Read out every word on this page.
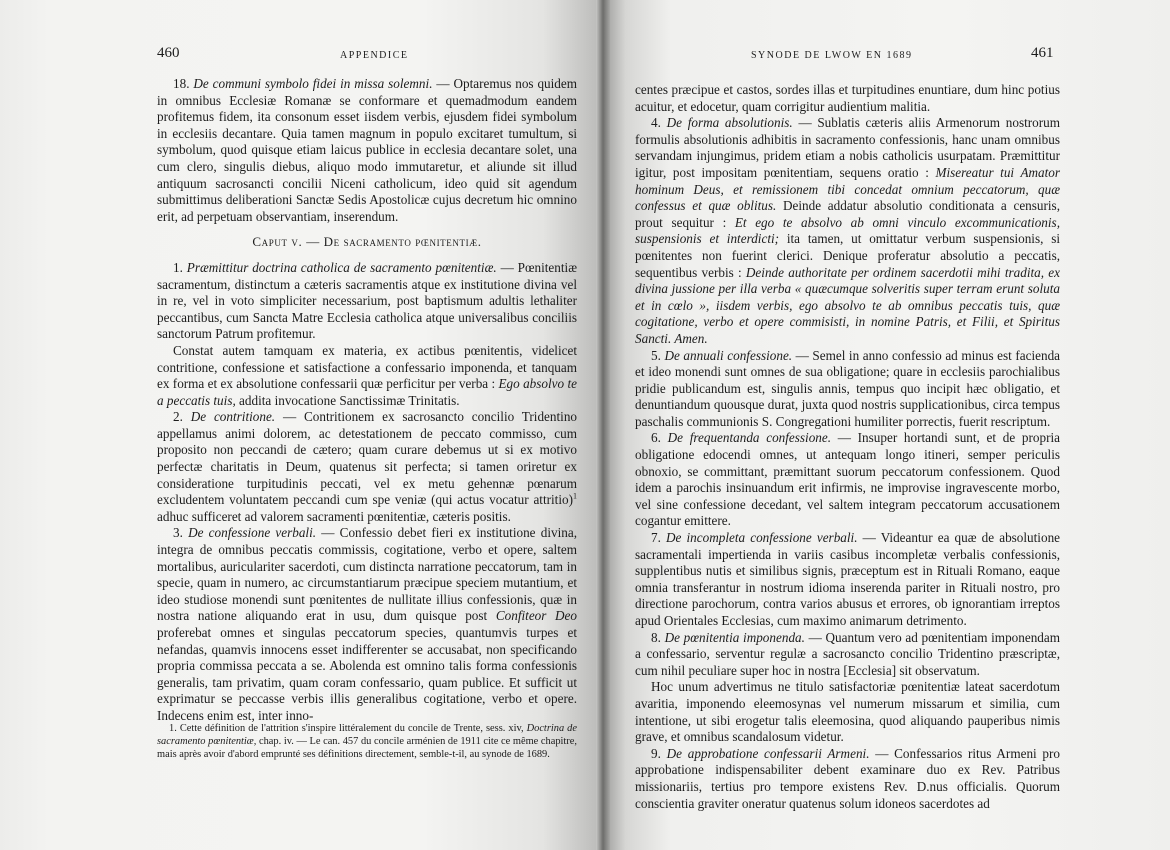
460	APPENDICE

18. De communi symbolo fidei in missa solemni. — Optaremus nos quidem in omnibus Ecclesiæ Romanæ se conformare et quemadmodum eandem profitemus fidem, ita consonum esset iisdem verbis, ejusdem fidei symbolum in ecclesiis decantare. Quia tamen magnum in populo excitaret tumultum, si symbolum, quod quisque etiam laicus publice in ecclesia decantare solet, una cum clero, singulis diebus, aliquo modo immutaretur, et aliunde sit illud antiquum sacrosancti concilii Niceni catholicum, ideo quid sit agendum submittimus deliberationi Sanctæ Sedis Apostolicæ cujus decretum hic omnino erit, ad perpetuam observantiam, inserendum.

Caput v. — De sacramento pœnitentiæ.

1. Præmittitur doctrina catholica de sacramento pœnitentiæ. — Pœnitentiæ sacramentum, distinctum a cæteris sacramentis atque ex institutione divina vel in re, vel in voto simpliciter necessarium, post baptismum adultis lethaliter peccantibus, cum Sancta Matre Ecclesia catholica atque universalibus conciliis sanctorum Patrum profitemur.

Constat autem tamquam ex materia, ex actibus pœnitentis, videlicet contritione, confessione et satisfactione a confessario imponenda, et tanquam ex forma et ex absolutione confessarii quæ perficitur per verba : Ego absolvo te a peccatis tuis, addita invocatione Sanctissimæ Trinitatis.

2. De contritione. — Contritionem ex sacrosancto concilio Tridentino appellamus animi dolorem, ac detestationem de peccato commisso, cum proposito non peccandi de cætero; quam curare debemus ut si ex motivo perfectæ charitatis in Deum, quatenus sit perfecta; si tamen oriretur ex consideratione turpitudinis peccati, vel ex metu gehennæ pœnarum excludentem voluntatem peccandi cum spe veniæ (qui actus vocatur attritio)$^1$ adhuc sufficeret ad valorem sacramenti pœnitentiæ, cæteris positis.

3. De confessione verbali. — Confessio debet fieri ex institutione divina, integra de omnibus peccatis commissis, cogitatione, verbo et opere, saltem mortalibus, auriculariter sacerdoti, cum distincta narratione peccatorum, tam in specie, quam in numero, ac circumstantiarum præcipue speciem mutantium, et ideo studiose monendi sunt pœnitentes de nullitate illius confessionis, quæ in nostra natione aliquando erat in usu, dum quisque post Confiteor Deo proferebat omnes et singulas peccatorum species, quantumvis turpes et nefandas, quamvis innocens esset indifferenter se accusabat, non specificando propria commissa peccata a se. Abolenda est omnino talis forma confessionis generalis, tam privatim, quam coram confessario, quam publice. Et sufficit ut exprimatur se peccasse verbis illis generalibus cogitatione, verbo et opere. Indecens enim est, inter inno-

1. Cette définition de l'attrition s'inspire littéralement du concile de Trente, sess. xiv, Doctrina de sacramento pœnitentiæ, chap. iv. — Le can. 457 du concile arménien de 1911 cite ce même chapitre, mais après avoir d'abord emprunté ses définitions directement, semble-t-il, au synode de 1689.

SYNODE DE LWOW EN 1689	461

centes præcipue et castos, sordes illas et turpitudines enuntiare, dum hinc potius acuitur, et edocetur, quam corrigitur audientium malitia.

4. De forma absolutionis. — Sublatis cæteris aliis Armenorum nostrorum formulis absolutionis adhibitis in sacramento confessionis, hanc unam omnibus servandam injungimus, pridem etiam a nobis catholicis usurpatam. Præmittitur igitur, post impositam pœnitentiam, sequens oratio : Misereatur tui Amator hominum Deus, et remissionem tibi concedat omnium peccatorum, quæ confessus et quæ oblitus. Deinde addatur absolutio conditionata a censuris, prout sequitur : Et ego te absolvo ab omni vinculo excommunicationis, suspensionis et interdicti; ita tamen, ut omittatur verbum suspensionis, si pœnitentes non fuerint clerici. Denique proferatur absolutio a peccatis, sequentibus verbis : Deinde authoritate per ordinem sacerdotii mihi tradita, ex divina jussione per illa verba « quæcumque solveritis super terram erunt soluta et in cœlo », iisdem verbis, ego absolvo te ab omnibus peccatis tuis, quæ cogitatione, verbo et opere commisisti, in nomine Patris, et Filii, et Spiritus Sancti. Amen.

5. De annuali confessione. — Semel in anno confessio ad minus est facienda et ideo monendi sunt omnes de sua obligatione; quare in ecclesiis parochialibus pridie publicandum est, singulis annis, tempus quo incipit hæc obligatio, et denuntiandum quousque durat, juxta quod nostris supplicationibus, circa tempus paschalis communionis S. Congregationi humiliter porrectis, fuerit rescriptum.

6. De frequentanda confessione. — Insuper hortandi sunt, et de propria obligatione edocendi omnes, ut antequam longo itineri, semper periculis obnoxio, se committant, præmittant suorum peccatorum confessionem. Quod idem a parochis insinuandum erit infirmis, ne improvise ingravescente morbo, vel sine confessione decedant, vel saltem integram peccatorum accusationem cogantur emittere.

7. De incompleta confessione verbali. — Videantur ea quæ de absolutione sacramentali impertienda in variis casibus incompletæ verbalis confessionis, supplentibus nutis et similibus signis, præceptum est in Rituali Romano, eaque omnia transferantur in nostrum idioma inserenda pariter in Rituali nostro, pro directione parochorum, contra varios abusus et errores, ob ignorantiam irreptos apud Orientales Ecclesias, cum maximo animarum detrimento.

8. De pœnitentia imponenda. — Quantum vero ad pœnitentiam imponendam a confessario, serventur regulæ a sacrosancto concilio Tridentino præscriptæ, cum nihil peculiare super hoc in nostra [Ecclesia] sit observatum.

Hoc unum advertimus ne titulo satisfactoriæ pœnitentiæ lateat sacerdotum avaritia, imponendo eleemosynas vel numerum missarum et similia, cum intentione, ut sibi erogetur talis eleemosina, quod aliquando pauperibus nimis grave, et omnibus scandalosum videtur.

9. De approbatione confessarii Armeni. — Confessarios ritus Armeni pro approbatione indispensabiliter debent examinare duo ex Rev. Patribus missionariis, tertius pro tempore existens Rev. D.nus officialis. Quorum conscientia graviter oneratur quatenus solum idoneos sacerdotes ad
